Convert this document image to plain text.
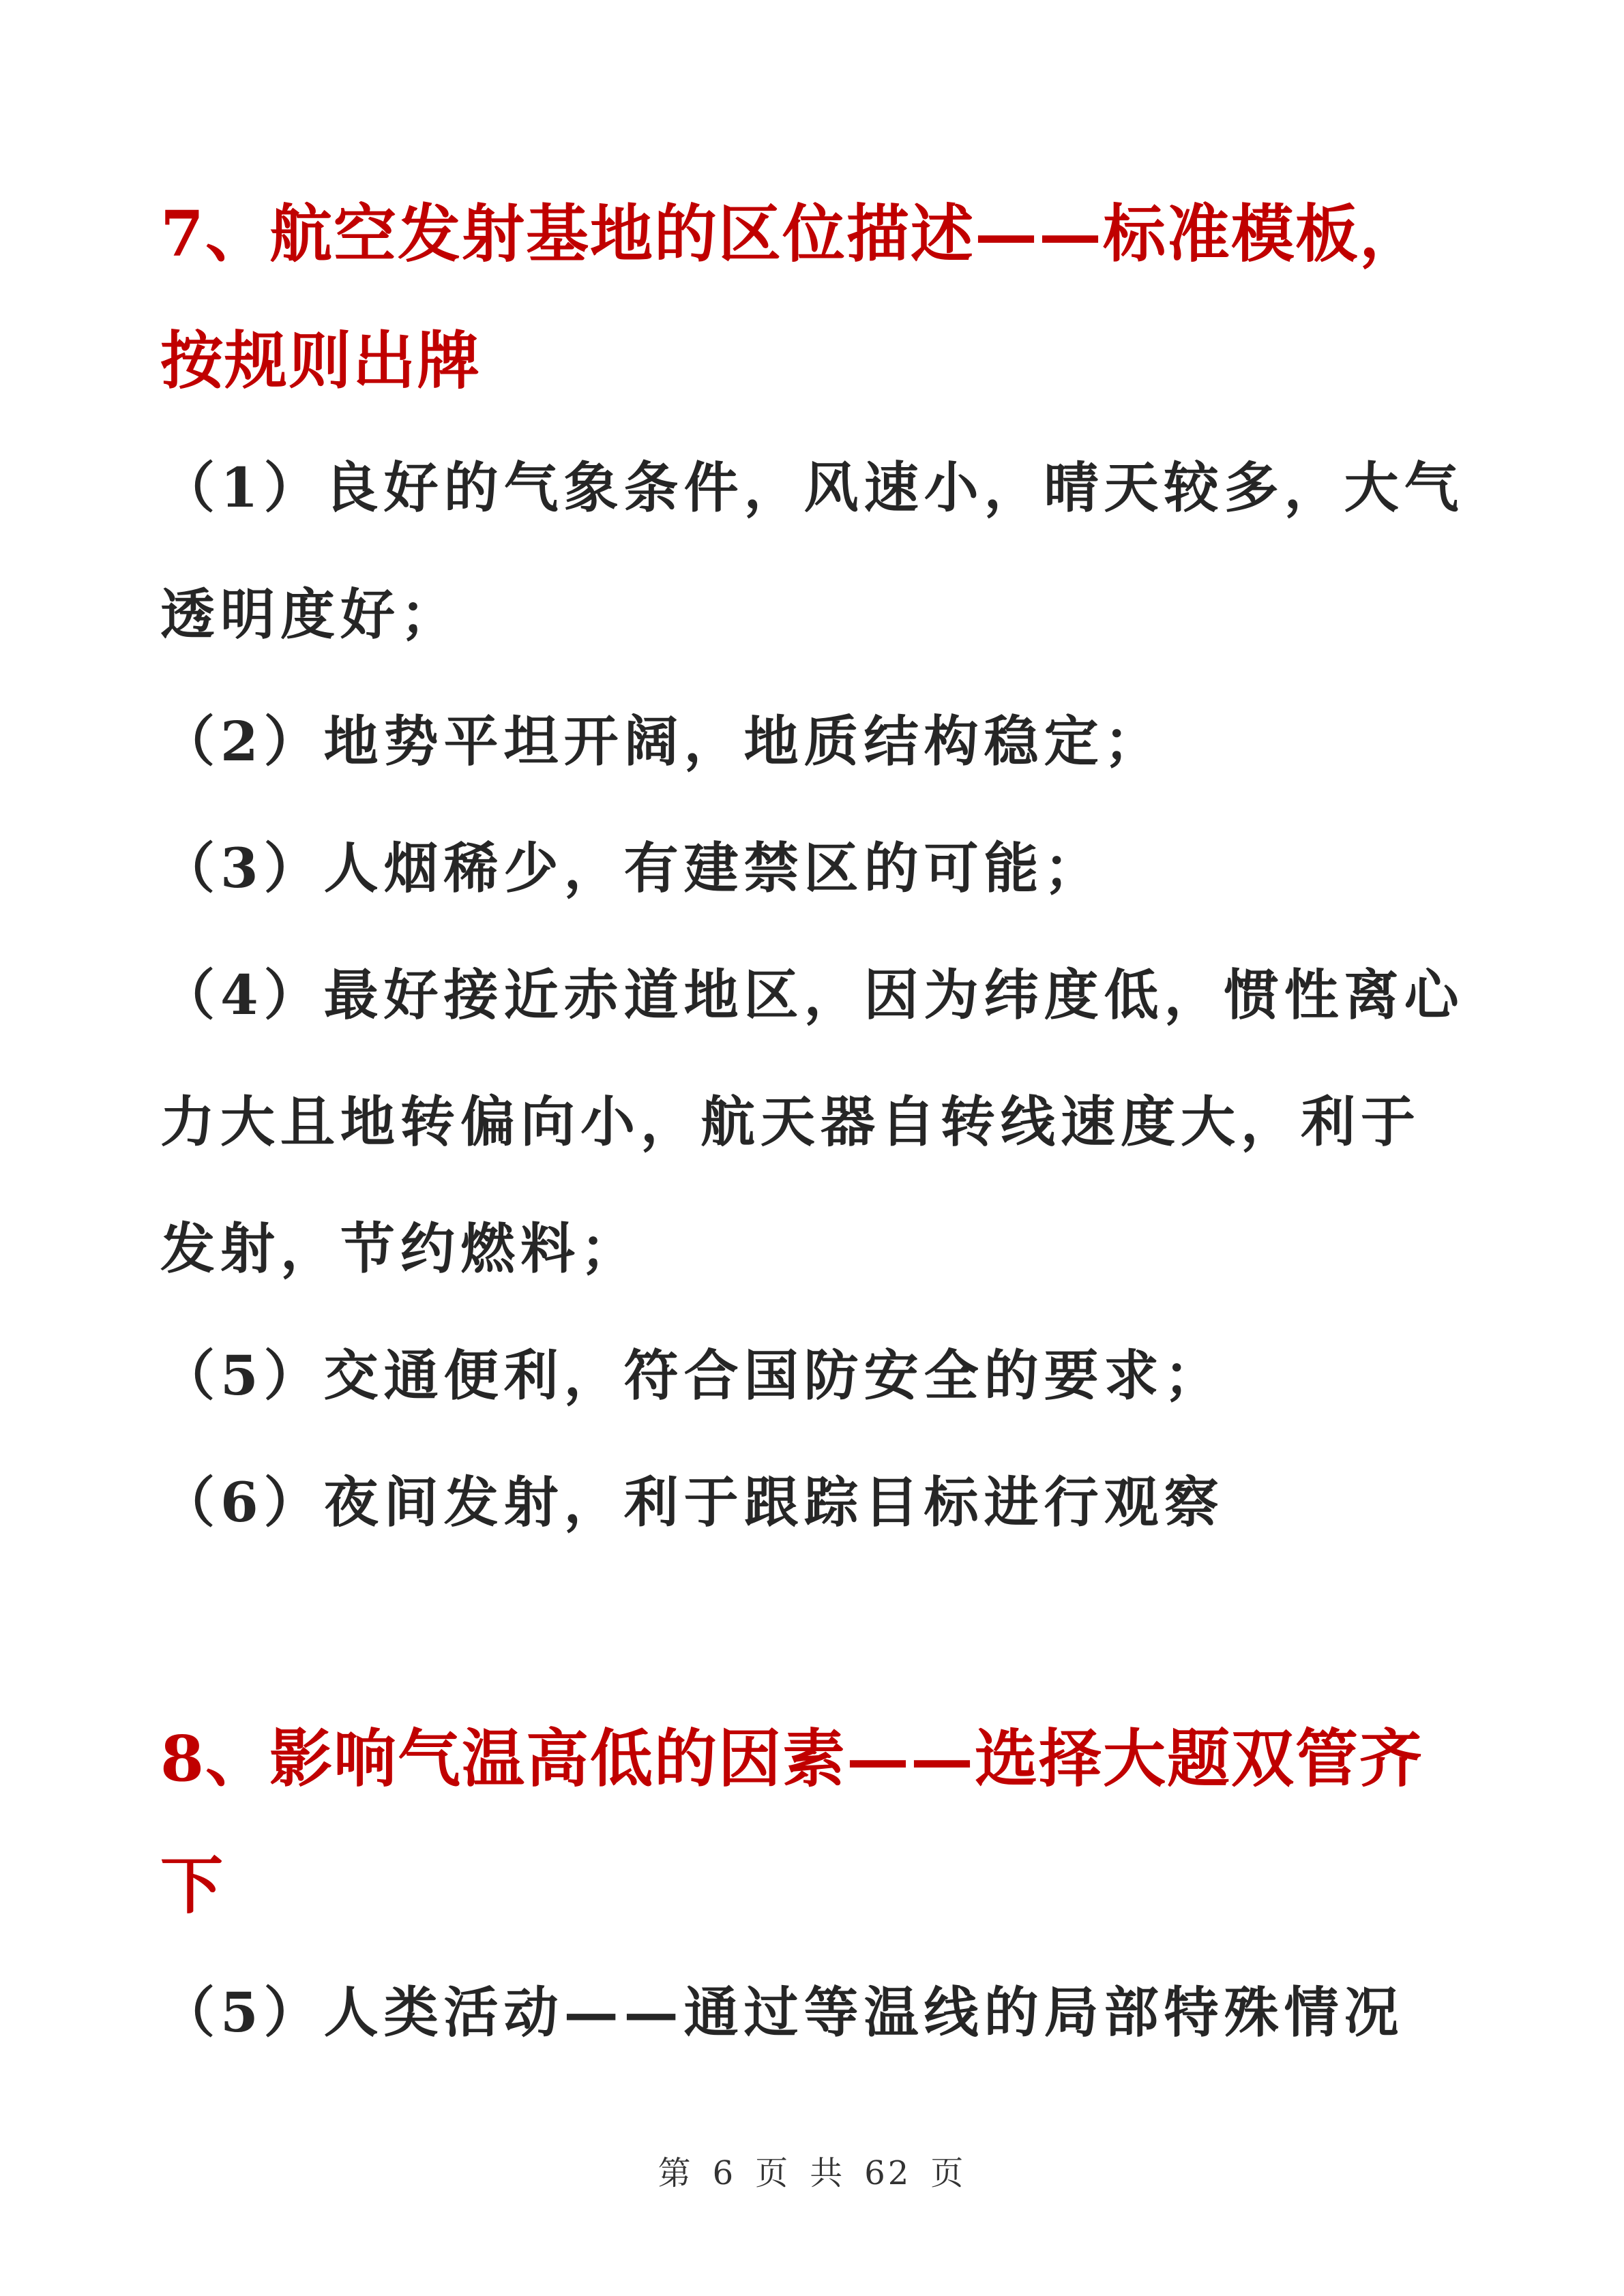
7、航空发射基地的区位描述——标准模板，按规则出牌

（1）良好的气象条件，风速小，晴天较多，大气透明度好；

（2）地势平坦开阔，地质结构稳定；

（3）人烟稀少，有建禁区的可能；

（4）最好接近赤道地区，因为纬度低，惯性离心力大且地转偏向小，航天器自转线速度大，利于发射，节约燃料；

（5）交通便利，符合国防安全的要求；

（6）夜间发射，利于跟踪目标进行观察

8、影响气温高低的因素——选择大题双管齐下

（5）人类活动——通过等温线的局部特殊情况

第 6 页 共 62 页
